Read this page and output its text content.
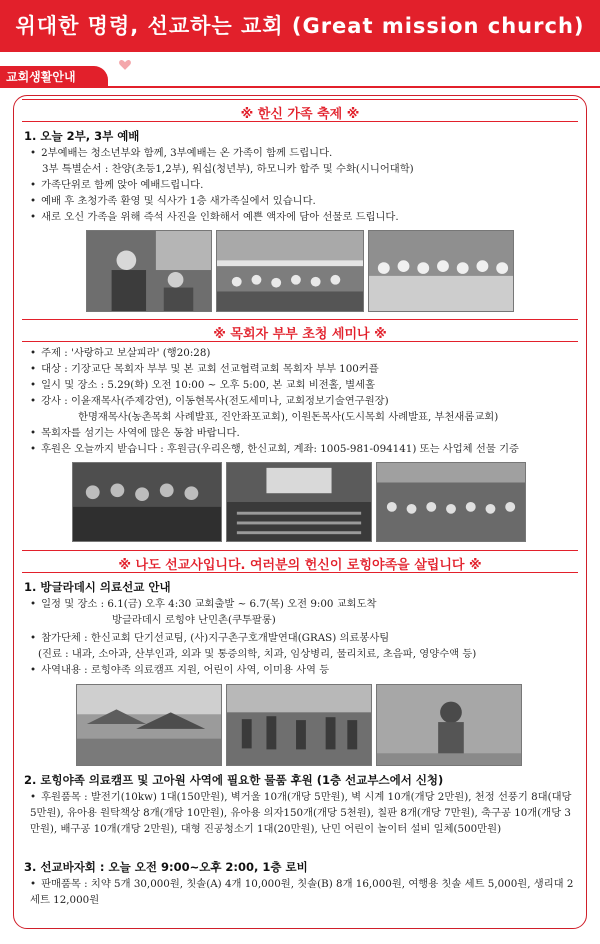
위대한 명령, 선교하는 교회 (Great mission church)
교회생활안내
※ 한신 가족 축제 ※
1. 오늘 2부, 3부 예배
• 2부예배는 청소년부와 함께, 3부예배는 온 가족이 함께 드립니다.
3부 특별순서 : 찬양(초등1,2부), 워십(청년부), 하모니카 합주 및 수화(시니어대학)
• 가족단위로 함께 앉아 예배드립니다.
• 예배 후 초청가족 환영 및 식사가 1층 새가족실에서 있습니다.
• 새로 오신 가족을 위해 즉석 사진을 인화해서 예쁜 액자에 담아 선물로 드립니다.
※ 목회자 부부 초청 세미나 ※
• 주제 : '사랑하고 보살피라' (행20:28)
• 대상 : 기장교단 목회자 부부 및 본 교회 선교협력교회 목회자 부부 100커플
• 일시 및 장소 : 5.29(화) 오전 10:00 ~ 오후 5:00, 본 교회 비전홀, 별세홀
• 강사 : 이윤재목사(주제강연), 이동현목사(전도세미나, 교회정보기술연구원장)
한명재목사(농촌목회 사례발표, 진안좌포교회), 이원돈목사(도시목회 사례발표, 부천새롬교회)
• 목회자를 섬기는 사역에 많은 동참 바랍니다.
• 후원은 오늘까지 받습니다 : 후원금(우리은행, 한신교회, 계좌: 1005-981-094141) 또는 사업체 선물 기증
※ 나도 선교사입니다. 여러분의 헌신이 로힝야족을 살립니다 ※
1. 방글라데시 의료선교 안내
• 일정 및 장소 : 6.1(금) 오후 4:30 교회출발 ~ 6.7(목) 오전 9:00 교회도착
방글라데시 로힝야 난민촌(쿠투팔롱)
• 참가단체 : 한신교회 단기선교팀, (사)지구촌구호개발연대(GRAS) 의료봉사팀
(진료 : 내과, 소아과, 산부인과, 외과 및 통증의학, 치과, 임상병리, 물리치료, 초음파, 영양수액 등)
• 사역내용 : 로힝야족 의료캠프 지원, 어린이 사역, 이미용 사역 등
2. 로힝야족 의료캠프 및 고아원 사역에 필요한 물품 후원 (1층 선교부스에서 신청)
• 후원품목 : 발전기(10kw) 1대(150만원), 벽거울 10개(개당 5만원), 벽 시계 10개(개당 2만원), 천정 선풍기 8대(대당 5만원), 유아용 원탁책상 8개(개당 10만원), 유아용 의자150개(개당 5천원), 칠판 8개(개당 7만원), 축구공 10개(개당 3만원), 배구공 10개(개당 2만원), 대형 진공청소기 1대(20만원), 난민 어린이 놀이터 설비 일체(500만원)
3. 선교바자회 : 오늘 오전 9:00~오후 2:00, 1층 로비
• 판매품목 : 치약 5개 30,000원, 칫솔(A) 4개 10,000원, 칫솔(B) 8개 16,000원, 여행용 칫솔 세트 5,000원, 생리대 2세트 12,000원
